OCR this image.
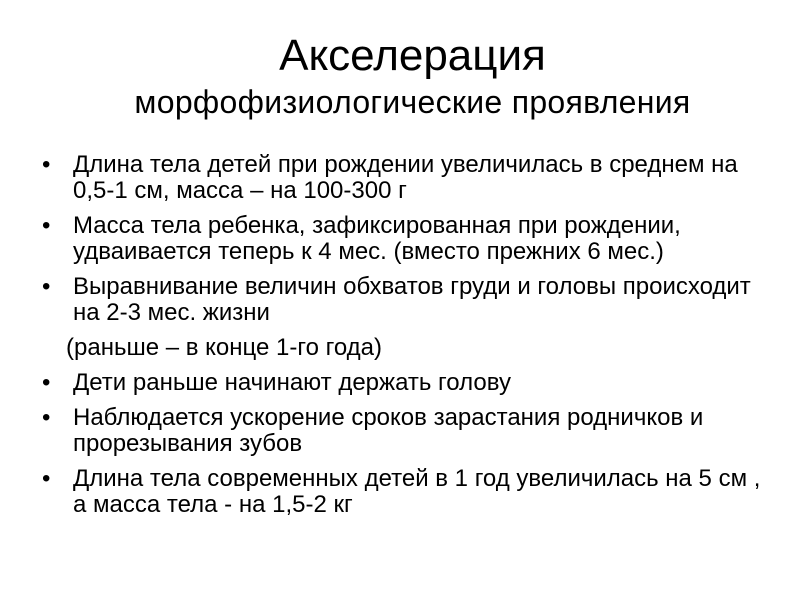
Акселерация
морфофизиологические проявления
• Длина тела детей при рождении увеличилась в среднем на 0,5-1 см, масса – на 100-300 г
• Масса тела ребенка, зафиксированная при рождении, удваивается теперь к 4 мес. (вместо прежних 6 мес.)
• Выравнивание величин обхватов груди и головы происходит на 2-3 мес. жизни
(раньше – в конце 1-го года)
• Дети раньше начинают держать голову
• Наблюдается ускорение сроков зарастания родничков и прорезывания зубов
• Длина тела современных детей в 1 год увеличилась на 5 см , а масса тела - на 1,5-2 кг
